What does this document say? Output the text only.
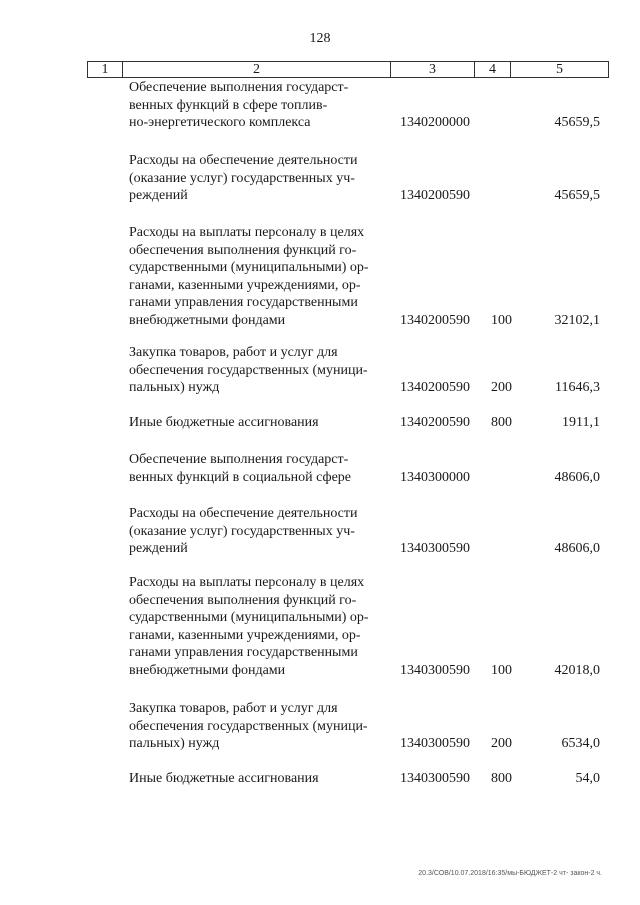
128
1	2	3	4	5
Обеспечение выполнения государст-
венных функций в сфере топлив-
но-энергетического комплекса	1340200000	45659,5
Расходы на обеспечение деятельности
(оказание услуг) государственных уч-
реждений	1340200590	45659,5
Расходы на выплаты персоналу в целях
обеспечения выполнения функций го-
сударственными (муниципальными) ор-
ганами, казенными учреждениями, ор-
ганами управления государственными
внебюджетными фондами	1340200590 100	32102,1
Закупка товаров, работ и услуг для
обеспечения государственных (муници-
пальных) нужд	1340200590 200	11646,3
Иные бюджетные ассигнования	1340200590 800	1911,1
Обеспечение выполнения государст-
венных функций в социальной сфере	1340300000	48606,0
Расходы на обеспечение деятельности
(оказание услуг) государственных уч-
реждений	1340300590	48606,0
Расходы на выплаты персоналу в целях
обеспечения выполнения функций го-
сударственными (муниципальными) ор-
ганами, казенными учреждениями, ор-
ганами управления государственными
внебюджетными фондами	1340300590 100	42018,0
Закупка товаров, работ и услуг для
обеспечения государственных (муници-
пальных) нужд	1340300590 200	6534,0
Иные бюджетные ассигнования	1340300590 800	54,0
20.3/СОВ/10.07.2018/16:35/мы-БЮДЖЕТ-2 чт- закон-2 ч.
